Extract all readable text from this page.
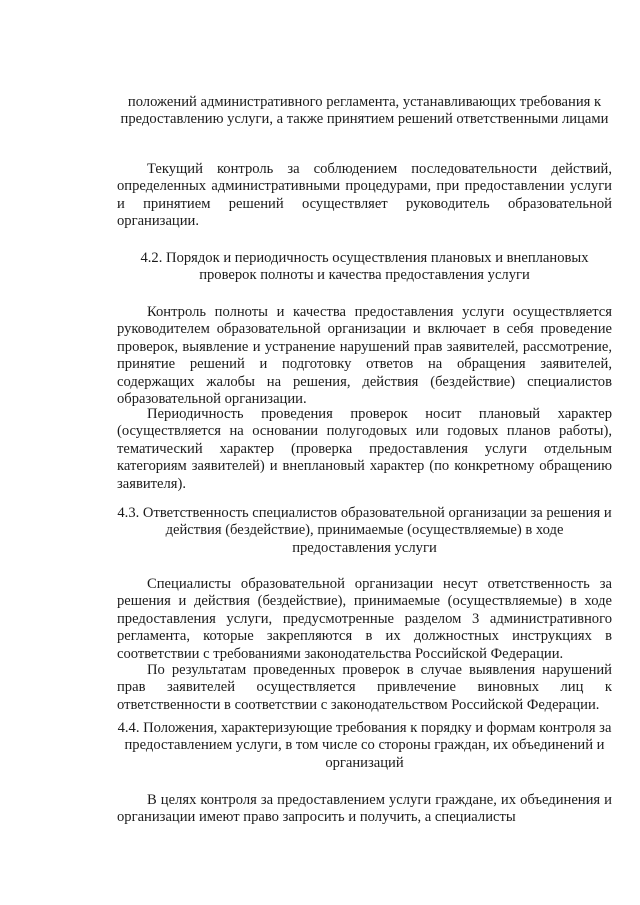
положений административного регламента, устанавливающих требования к предоставлению услуги, а также принятием решений ответственными лицами

Текущий контроль за соблюдением последовательности действий, определенных административными процедурами, при предоставлении услуги и принятием решений осуществляет руководитель образовательной организации.

4.2. Порядок и периодичность осуществления плановых и внеплановых проверок полноты и качества предоставления услуги

Контроль полноты и качества предоставления услуги осуществляется руководителем образовательной организации и включает в себя проведение проверок, выявление и устранение нарушений прав заявителей, рассмотрение, принятие решений и подготовку ответов на обращения заявителей, содержащих жалобы на решения, действия (бездействие) специалистов образовательной организации.

Периодичность проведения проверок носит плановый характер (осуществляется на основании полугодовых или годовых планов работы), тематический характер (проверка предоставления услуги отдельным категориям заявителей) и внеплановый характер (по конкретному обращению заявителя).

4.3. Ответственность специалистов образовательной организации за решения и действия (бездействие), принимаемые (осуществляемые) в ходе предоставления услуги

Специалисты образовательной организации несут ответственность за решения и действия (бездействие), принимаемые (осуществляемые) в ходе предоставления услуги, предусмотренные разделом 3 административного регламента, которые закрепляются в их должностных инструкциях в соответствии с требованиями законодательства Российской Федерации.

По результатам проведенных проверок в случае выявления нарушений прав заявителей осуществляется привлечение виновных лиц к ответственности в соответствии с законодательством Российской Федерации.

4.4. Положения, характеризующие требования к порядку и формам контроля за предоставлением услуги, в том числе со стороны граждан, их объединений и организаций

В целях контроля за предоставлением услуги граждане, их объединения и организации имеют право запросить и получить, а специалисты
